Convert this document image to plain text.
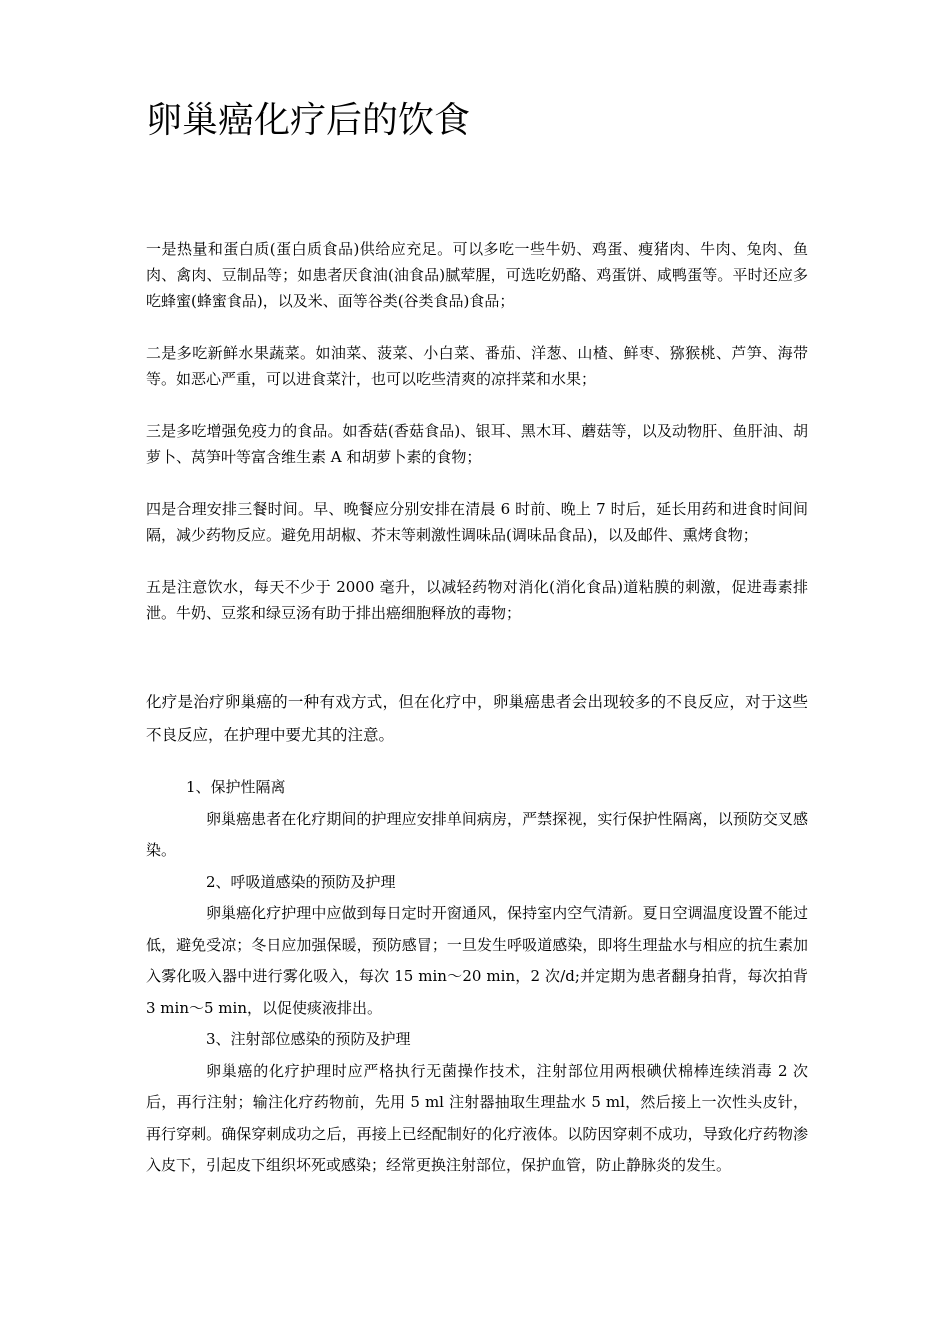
卵巢癌化疗后的饮食

一是热量和蛋白质(蛋白质食品)供给应充足。可以多吃一些牛奶、鸡蛋、瘦猪肉、牛肉、兔肉、鱼肉、禽肉、豆制品等；如患者厌食油(油食品)腻荤腥，可选吃奶酪、鸡蛋饼、咸鸭蛋等。平时还应多吃蜂蜜(蜂蜜食品)，以及米、面等谷类(谷类食品)食品；

二是多吃新鲜水果蔬菜。如油菜、菠菜、小白菜、番茄、洋葱、山楂、鲜枣、猕猴桃、芦笋、海带等。如恶心严重，可以进食菜汁，也可以吃些清爽的凉拌菜和水果；

三是多吃增强免疫力的食品。如香菇(香菇食品)、银耳、黑木耳、蘑菇等，以及动物肝、鱼肝油、胡萝卜、莴笋叶等富含维生素 A 和胡萝卜素的食物；

四是合理安排三餐时间。早、晚餐应分别安排在清晨 6 时前、晚上 7 时后，延长用药和进食时间间隔，减少药物反应。避免用胡椒、芥末等刺激性调味品(调味品食品)，以及邮件、熏烤食物；

五是注意饮水，每天不少于 2000 毫升，以减轻药物对消化(消化食品)道粘膜的刺激，促进毒素排泄。牛奶、豆浆和绿豆汤有助于排出癌细胞释放的毒物；

化疗是治疗卵巢癌的一种有戏方式，但在化疗中，卵巢癌患者会出现较多的不良反应，对于这些不良反应，在护理中要尤其的注意。

1、保护性隔离

卵巢癌患者在化疗期间的护理应安排单间病房，严禁探视，实行保护性隔离，以预防交叉感染。

2、呼吸道感染的预防及护理

卵巢癌化疗护理中应做到每日定时开窗通风，保持室内空气清新。夏日空调温度设置不能过低，避免受凉；冬日应加强保暖，预防感冒；一旦发生呼吸道感染，即将生理盐水与相应的抗生素加入雾化吸入器中进行雾化吸入，每次 15 min～20 min，2 次/d;并定期为患者翻身拍背，每次拍背 3 min～5 min，以促使痰液排出。

3、注射部位感染的预防及护理

卵巢癌的化疗护理时应严格执行无菌操作技术，注射部位用两根碘伏棉棒连续消毒 2 次后，再行注射；输注化疗药物前，先用 5 ml 注射器抽取生理盐水 5 ml，然后接上一次性头皮针，再行穿刺。确保穿刺成功之后，再接上已经配制好的化疗液体。以防因穿刺不成功，导致化疗药物渗入皮下，引起皮下组织坏死或感染；经常更换注射部位，保护血管，防止静脉炎的发生。
